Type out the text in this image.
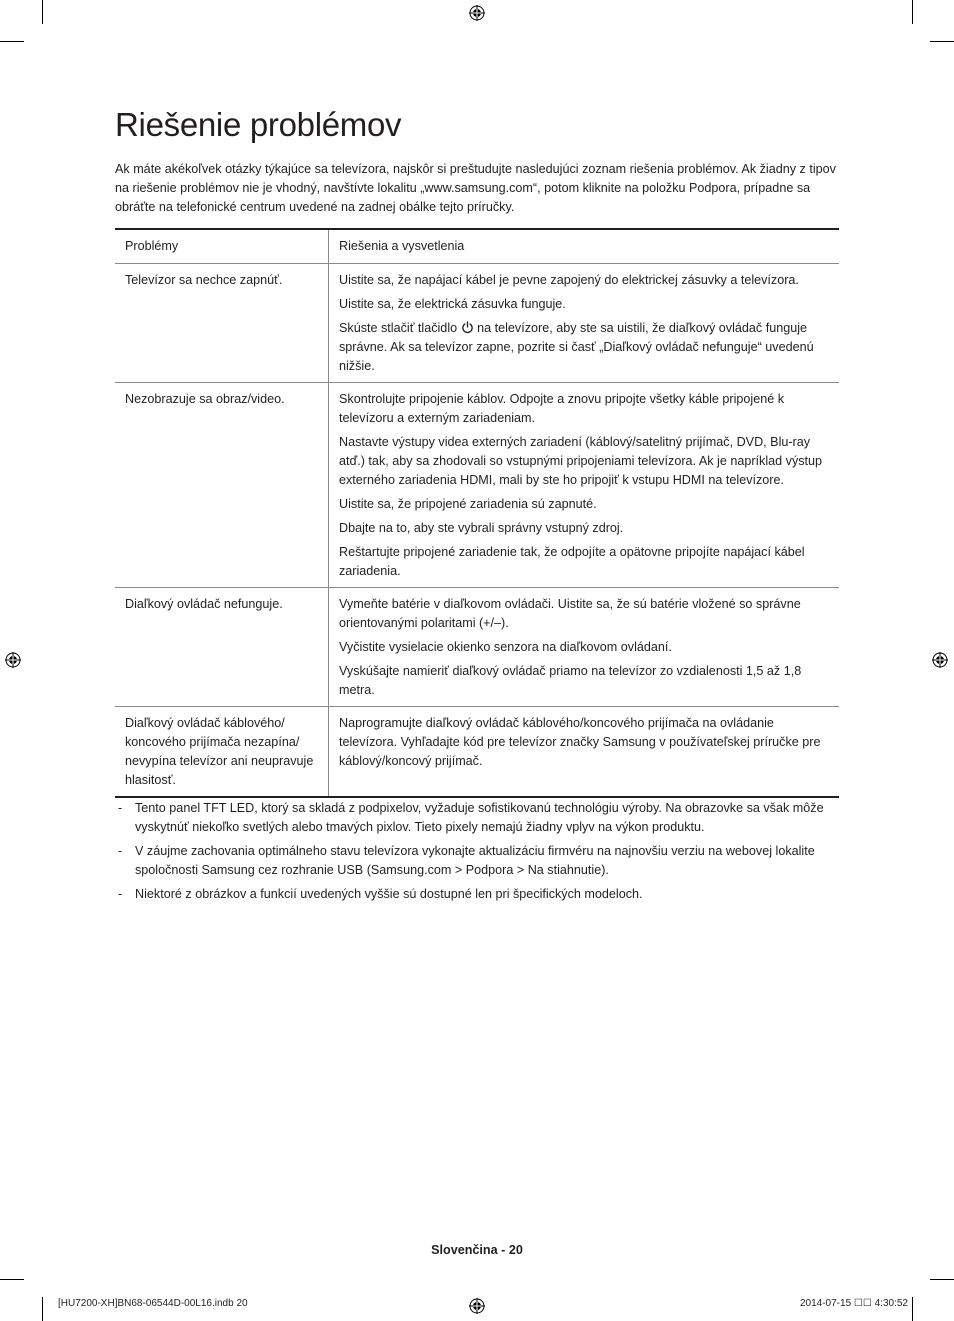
Riešenie problémov

Ak máte akékoľvek otázky týkajúce sa televízora, najskôr si preštudujte nasledujúci zoznam riešenia problémov. Ak žiadny z tipov na riešenie problémov nie je vhodný, navštívte lokalitu „www.samsung.com“, potom kliknite na položku Podpora, prípadne sa obráťte na telefonické centrum uvedené na zadnej obálke tejto príručky.

Problémy	Riešenia a vysvetlenia
Televízor sa nechce zapnúť.	Uistite sa, že napájací kábel je pevne zapojený do elektrickej zásuvky a televízora.

Uistite sa, že elektrická zásuvka funguje.

Skúste stlačiť tlačidlo na televízore, aby ste sa uistili, že diaľkový ovládač funguje správne. Ak sa televízor zapne, pozrite si časť „Diaľkový ovládač nefunguje“ uvedenú nižšie.

Nezobrazuje sa obraz/video.	Skontrolujte pripojenie káblov. Odpojte a znovu pripojte všetky káble pripojené k televízoru a externým zariadeniam.

Nastavte výstupy videa externých zariadení (káblový/satelitný prijímač, DVD, Blu-ray atď.) tak, aby sa zhodovali so vstupnými pripojeniami televízora. Ak je napríklad výstup externého zariadenia HDMI, mali by ste ho pripojiť k vstupu HDMI na televízore.

Uistite sa, že pripojené zariadenia sú zapnuté.

Dbajte na to, aby ste vybrali správny vstupný zdroj.

Reštartujte pripojené zariadenie tak, že odpojíte a opätovne pripojíte napájací kábel zariadenia.

Diaľkový ovládač nefunguje.	Vymeňte batérie v diaľkovom ovládači. Uistite sa, že sú batérie vložené so správne orientovanými polaritami (+/–).

Vyčistite vysielacie okienko senzora na diaľkovom ovládaní.

Vyskúšajte namieriť diaľkový ovládač priamo na televízor zo vzdialenosti 1,5 až 1,8 metra.

Diaľkový ovládač káblového/ koncového prijímača nezapína/ nevypína televízor ani neupravuje hlasitosť.	Naprogramujte diaľkový ovládač káblového/koncového prijímača na ovládanie televízora. Vyhľadajte kód pre televízor značky Samsung v používateľskej príručke pre káblový/koncový prijímač.

- Tento panel TFT LED, ktorý sa skladá z podpixelov, vyžaduje sofistikovanú technológiu výroby. Na obrazovke sa však môže vyskytnúť niekoľko svetlých alebo tmavých pixlov. Tieto pixely nemajú žiadny vplyv na výkon produktu.
- V záujme zachovania optimálneho stavu televízora vykonajte aktualizáciu firmvéru na najnovšiu verziu na webovej lokalite spoločnosti Samsung cez rozhranie USB (Samsung.com > Podpora > Na stiahnutie).
- Niektoré z obrázkov a funkcií uvedených vyššie sú dostupné len pri špecifických modeloch.
Slovenčina - 20
[HU7200-XH]BN68-06544D-00L16.indb 20	2014-07-15 ☐☐ 4:30:52
